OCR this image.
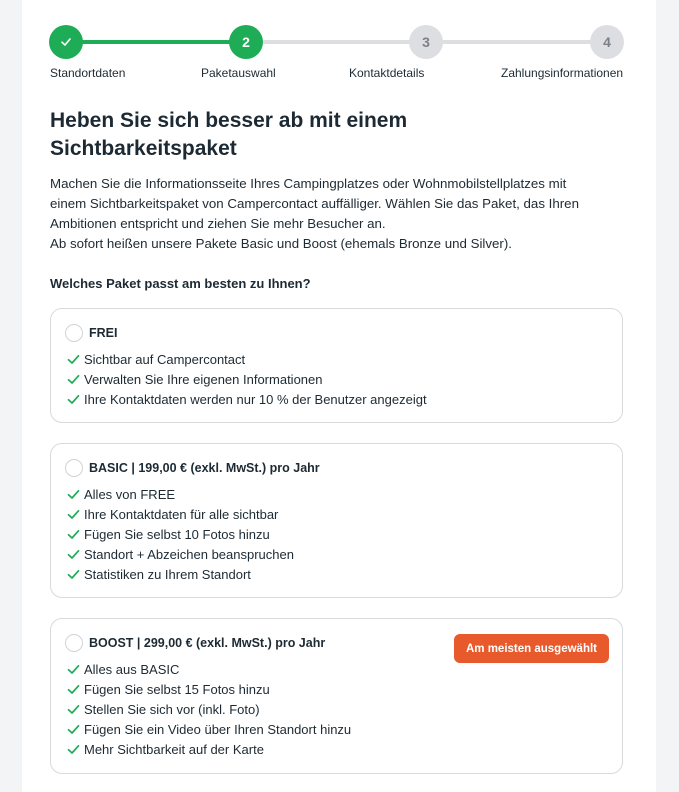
2	3	4
Standortdaten	Paketauswahl	Kontaktdetails	Zahlungsinformationen
Heben Sie sich besser ab mit einem Sichtbarkeitspaket

Machen Sie die Informationsseite Ihres Campingplatzes oder Wohnmobilstellplatzes mit einem Sichtbarkeitspaket von Campercontact auffälliger. Wählen Sie das Paket, das Ihren Ambitionen entspricht und ziehen Sie mehr Besucher an.

Ab sofort heißen unsere Pakete Basic und Boost (ehemals Bronze und Silver).

Welches Paket passt am besten zu Ihnen?
FREI
Sichtbar auf Campercontact
Verwalten Sie Ihre eigenen Informationen
Ihre Kontaktdaten werden nur 10 % der Benutzer angezeigt
BASIC | 199,00 € (exkl. MwSt.) pro Jahr
Alles von FREE
Ihre Kontaktdaten für alle sichtbar
Fügen Sie selbst 10 Fotos hinzu
Standort + Abzeichen beanspruchen
Statistiken zu Ihrem Standort
BOOST | 299,00 € (exkl. MwSt.) pro Jahr	Am meisten ausgewählt
Alles aus BASIC
Fügen Sie selbst 15 Fotos hinzu
Stellen Sie sich vor (inkl. Foto)
Fügen Sie ein Video über Ihren Standort hinzu
Mehr Sichtbarkeit auf der Karte
